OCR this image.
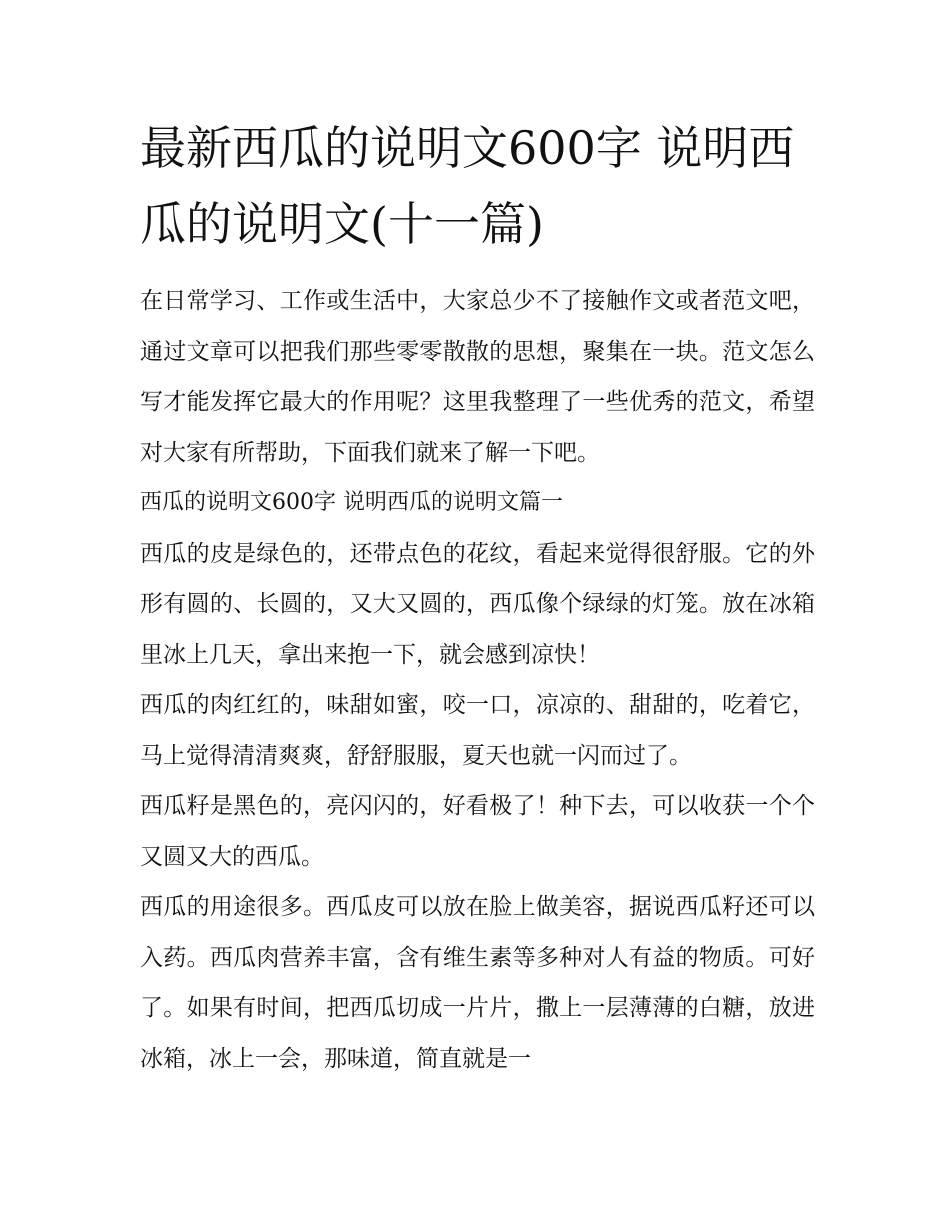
最新西瓜的说明文600字 说明西瓜的说明文(十一篇)

在日常学习、工作或生活中，大家总少不了接触作文或者范文吧，通过文章可以把我们那些零零散散的思想，聚集在一块。范文怎么写才能发挥它最大的作用呢？这里我整理了一些优秀的范文，希望对大家有所帮助，下面我们就来了解一下吧。

西瓜的说明文600字 说明西瓜的说明文篇一

西瓜的皮是绿色的，还带点色的花纹，看起来觉得很舒服。它的外形有圆的、长圆的，又大又圆的，西瓜像个绿绿的灯笼。放在冰箱里冰上几天，拿出来抱一下，就会感到凉快！

西瓜的肉红红的，味甜如蜜，咬一口，凉凉的、甜甜的，吃着它，马上觉得清清爽爽，舒舒服服，夏天也就一闪而过了。

西瓜籽是黑色的，亮闪闪的，好看极了！种下去，可以收获一个个又圆又大的西瓜。

西瓜的用途很多。西瓜皮可以放在脸上做美容，据说西瓜籽还可以入药。西瓜肉营养丰富，含有维生素等多种对人有益的物质。可好了。如果有时间，把西瓜切成一片片，撒上一层薄薄的白糖，放进冰箱，冰上一会，那味道，简直就是一
